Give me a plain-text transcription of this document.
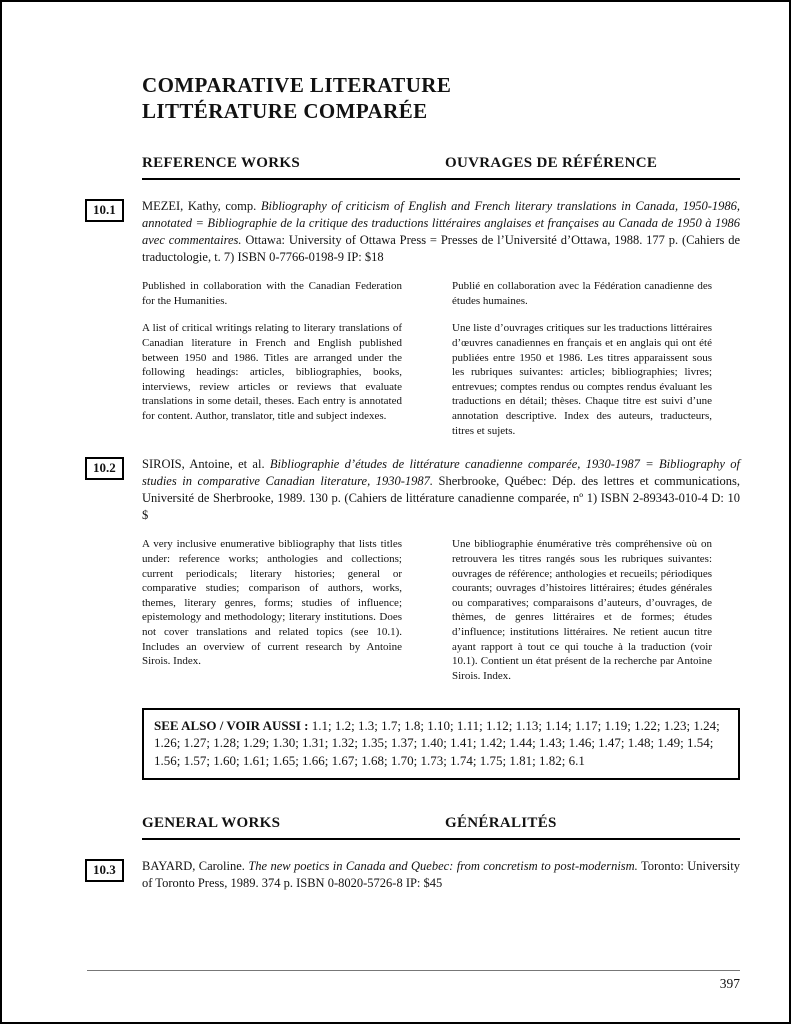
COMPARATIVE LITERATURE
LITTÉRATURE COMPARÉE
REFERENCE WORKS	OUVRAGES DE RÉFÉRENCE
10.1	MEZEI, Kathy, comp. Bibliography of criticism of English and French literary translations in Canada, 1950-1986, annotated = Bibliographie de la critique des traductions littéraires anglaises et françaises au Canada de 1950 à 1986 avec commentaires. Ottawa: University of Ottawa Press = Presses de l’Université d’Ottawa, 1988. 177 p. (Cahiers de traductologie, t. 7) ISBN 0-7766-0198-9 IP: $18

Published in collaboration with the Canadian Federation for the Humanities.

Publié en collaboration avec la Fédération canadienne des études humaines.

A list of critical writings relating to literary translations of Canadian literature in French and English published between 1950 and 1986. Titles are arranged under the following headings: articles, bibliographies, books, interviews, review articles or reviews that evaluate translations in some detail, theses. Each entry is annotated for content. Author, translator, title and subject indexes.

Une liste d’ouvrages critiques sur les traductions littéraires d’œuvres canadiennes en français et en anglais qui ont été publiées entre 1950 et 1986. Les titres apparaissent sous les rubriques suivantes: articles; bibliographies; livres; entrevues; comptes rendus ou comptes rendus évaluant les traductions en détail; thèses. Chaque titre est suivi d’une annotation descriptive. Index des auteurs, traducteurs, titres et sujets.

10.2	SIROIS, Antoine, et al. Bibliographie d’études de littérature canadienne comparée, 1930-1987 = Bibliography of studies in comparative Canadian literature, 1930-1987. Sherbrooke, Québec: Dép. des lettres et communications, Université de Sherbrooke, 1989. 130 p. (Cahiers de littérature canadienne comparée, nº 1) ISBN 2-89343-010-4 D: 10 $

A very inclusive enumerative bibliography that lists titles under: reference works; anthologies and collections; current periodicals; literary histories; general or comparative studies; comparison of authors, works, themes, literary genres, forms; studies of influence; epistemology and methodology; literary institutions. Does not cover translations and related topics (see 10.1). Includes an overview of current research by Antoine Sirois. Index.

Une bibliographie énumérative très compréhensive où on retrouvera les titres rangés sous les rubriques suivantes: ouvrages de référence; anthologies et recueils; périodiques courants; ouvrages d’histoires littéraires; études générales ou comparatives; comparaisons d’auteurs, d’ouvrages, de thèmes, de genres littéraires et de formes; études d’influence; institutions littéraires. Ne retient aucun titre ayant rapport à tout ce qui touche à la traduction (voir 10.1). Contient un état présent de la recherche par Antoine Sirois. Index.

SEE ALSO / VOIR AUSSI : 1.1; 1.2; 1.3; 1.7; 1.8; 1.10; 1.11; 1.12; 1.13; 1.14; 1.17; 1.19; 1.22; 1.23; 1.24; 1.26; 1.27; 1.28; 1.29; 1.30; 1.31; 1.32; 1.35; 1.37; 1.40; 1.41; 1.42; 1.44; 1.43; 1.46; 1.47; 1.48; 1.49; 1.54; 1.56; 1.57; 1.60; 1.61; 1.65; 1.66; 1.67; 1.68; 1.70; 1.73; 1.74; 1.75; 1.81; 1.82; 6.1
GENERAL WORKS	GÉNÉRALITÉS
10.3	BAYARD, Caroline. The new poetics in Canada and Quebec: from concretism to post-modernism. Toronto: University of Toronto Press, 1989. 374 p. ISBN 0-8020-5726-8 IP: $45

397
